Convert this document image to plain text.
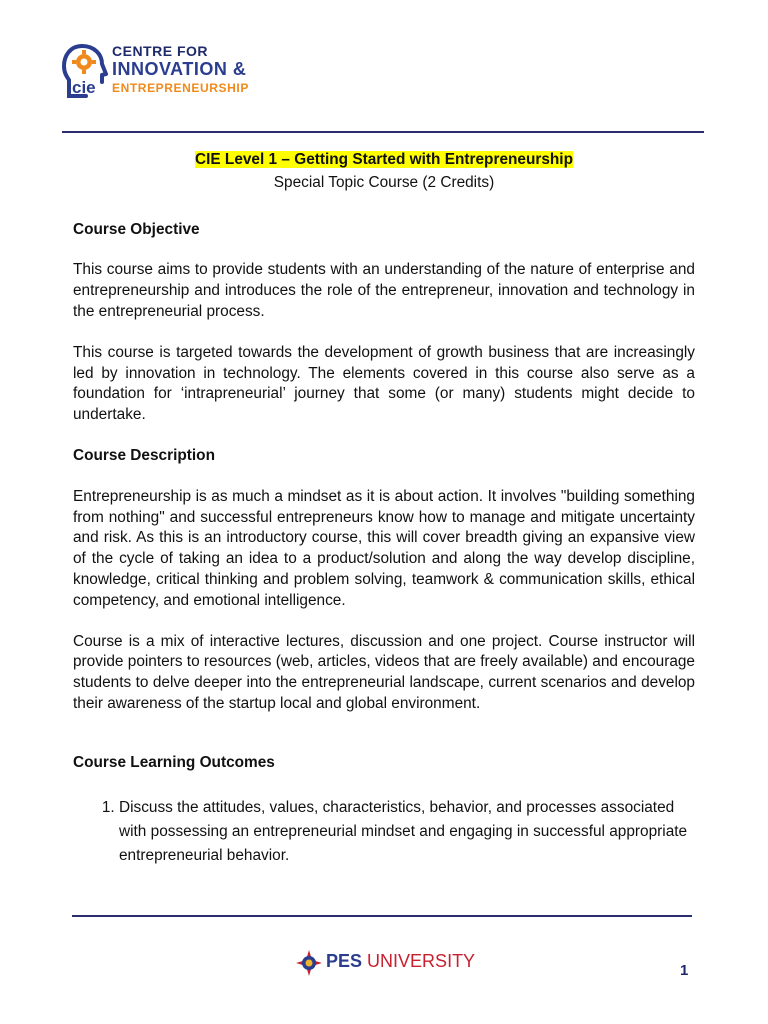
cie
CENTRE FOR
INNOVATION &
ENTREPRENEURSHIP
CIE Level 1 – Getting Started with Entrepreneurship
Special Topic Course (2 Credits)
Course Objective
This course aims to provide students with an understanding of the nature of enterprise and entrepreneurship and introduces the role of the entrepreneur, innovation and technology in the entrepreneurial process.
This course is targeted towards the development of growth business that are increasingly led by innovation in technology. The elements covered in this course also serve as a foundation for ‘intrapreneurial’ journey that some (or many) students might decide to undertake.
Course Description
Entrepreneurship is as much a mindset as it is about action. It involves "building something from nothing" and successful entrepreneurs know how to manage and mitigate uncertainty and risk. As this is an introductory course, this will cover breadth giving an expansive view of the cycle of taking an idea to a product/solution and along the way develop discipline, knowledge, critical thinking and problem solving, teamwork & communication skills, ethical competency, and emotional intelligence.
Course is a mix of interactive lectures, discussion and one project. Course instructor will provide pointers to resources (web, articles, videos that are freely available) and encourage students to delve deeper into the entrepreneurial landscape, current scenarios and develop their awareness of the startup local and global environment.
Course Learning Outcomes
1. Discuss the attitudes, values, characteristics, behavior, and processes associated with possessing an entrepreneurial mindset and engaging in successful appropriate entrepreneurial behavior.
PES UNIVERSITY	1
